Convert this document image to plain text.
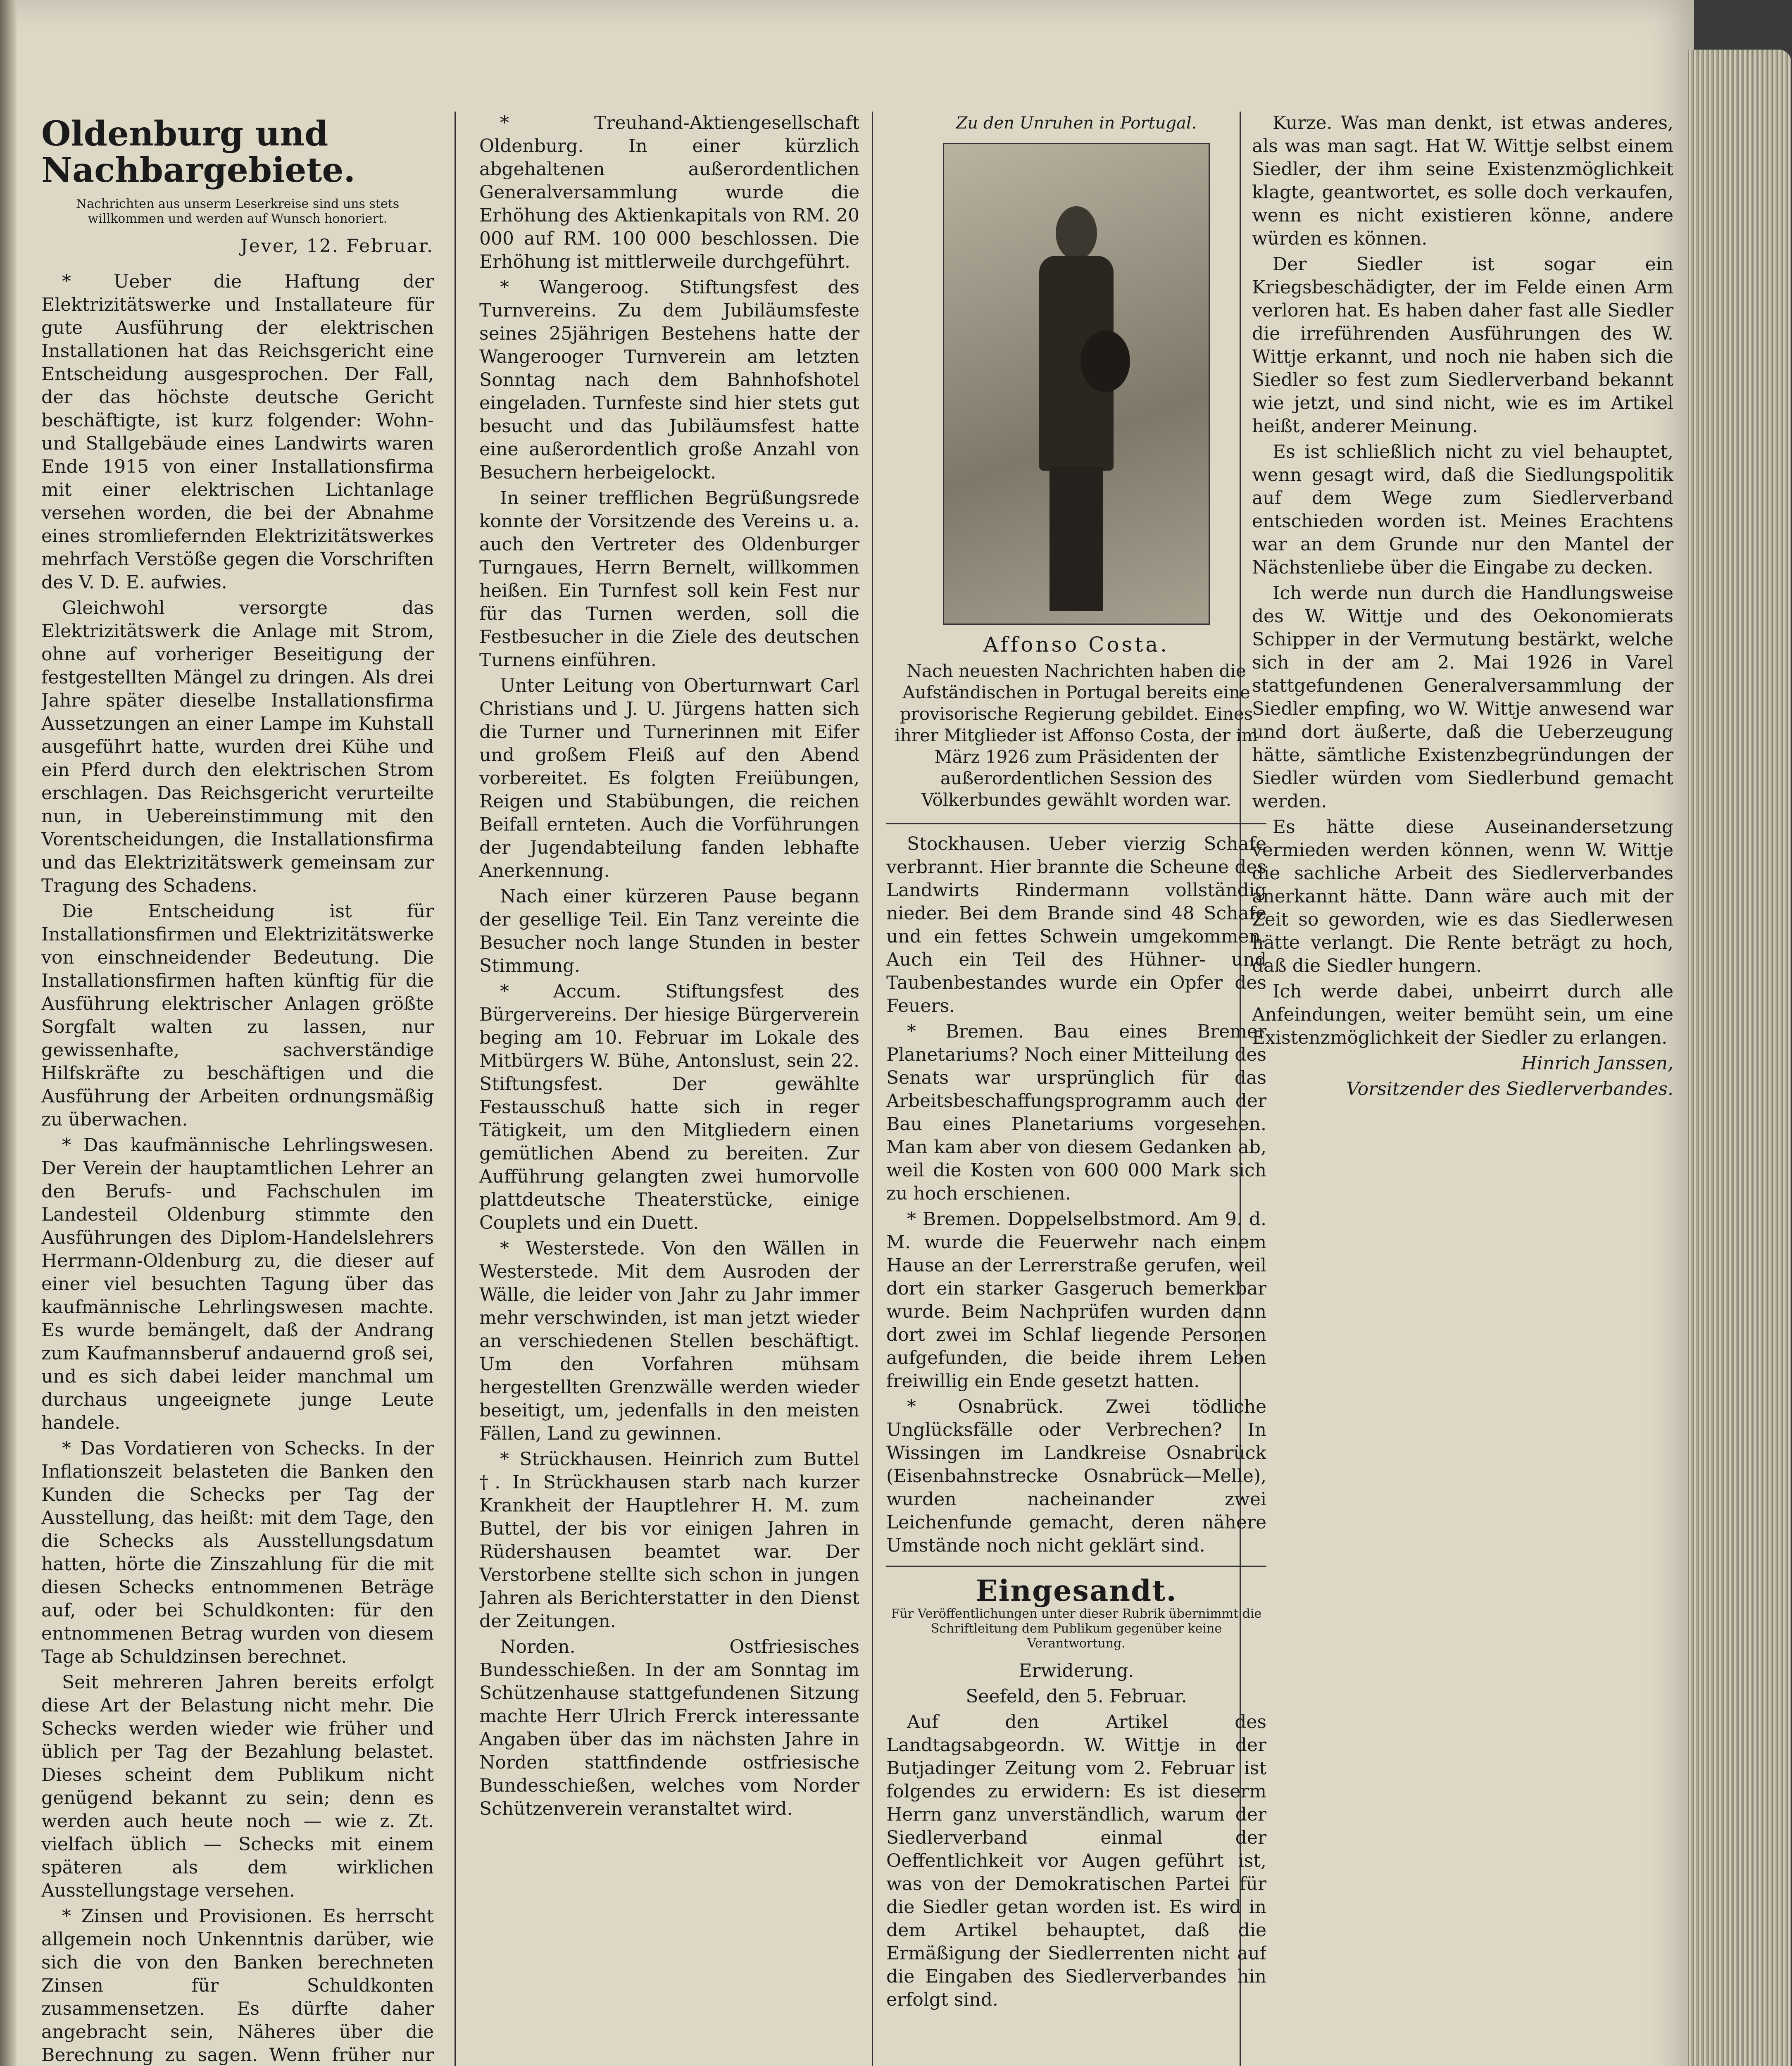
Oldenburg und Nachbargebiete.
Nachrichten aus unserm Leserkreise sind uns stets willkommen und werden auf Wunsch honoriert.
Jever, 12. Februar.

* Ueber die Haftung der Elektrizitätswerke und Installateure für gute Ausführung der elektrischen Installationen hat das Reichsgericht eine Entscheidung ausgesprochen. Der Fall, der das höchste deutsche Gericht beschäftigte, ist kurz folgender: Wohn- und Stallgebäude eines Landwirts waren Ende 1915 von einer Installationsfirma mit einer elektrischen Lichtanlage versehen worden, die bei der Abnahme eines stromliefernden Elektrizitätswerkes mehrfach Verstöße gegen die Vorschriften des V. D. E. aufwies.

Gleichwohl versorgte das Elektrizitätswerk die Anlage mit Strom, ohne auf vorheriger Beseitigung der festgestellten Mängel zu dringen. Als drei Jahre später dieselbe Installationsfirma Aussetzungen an einer Lampe im Kuhstall ausgeführt hatte, wurden drei Kühe und ein Pferd durch den elektrischen Strom erschlagen. Das Reichsgericht verurteilte nun, in Uebereinstimmung mit den Vorentscheidungen, die Installationsfirma und das Elektrizitätswerk gemeinsam zur Tragung des Schadens.

Die Entscheidung ist für Installationsfirmen und Elektrizitätswerke von einschneidender Bedeutung. Die Installationsfirmen haften künftig für die Ausführung elektrischer Anlagen größte Sorgfalt walten zu lassen, nur gewissenhafte, sachverständige Hilfskräfte zu beschäftigen und die Ausführung der Arbeiten ordnungsmäßig zu überwachen.

* Das kaufmännische Lehrlingswesen. Der Verein der hauptamtlichen Lehrer an den Berufs- und Fachschulen im Landesteil Oldenburg stimmte den Ausführungen des Diplom-Handelslehrers Herrmann-Oldenburg zu, die dieser auf einer viel besuchten Tagung über das kaufmännische Lehrlingswesen machte. Es wurde bemängelt, daß der Andrang zum Kaufmannsberuf andauernd groß sei, und es sich dabei leider manchmal um durchaus ungeeignete junge Leute handele.

* Das Vordatieren von Schecks. In der Inflationszeit belasteten die Banken den Kunden die Schecks per Tag der Ausstellung, das heißt: mit dem Tage, den die Schecks als Ausstellungsdatum hatten, hörte die Zinszahlung für die mit diesen Schecks entnommenen Beträge auf, oder bei Schuldkonten: für den entnommenen Betrag wurden von diesem Tage ab Schuldzinsen berechnet.

Seit mehreren Jahren bereits erfolgt diese Art der Belastung nicht mehr. Die Schecks werden wieder wie früher und üblich per Tag der Bezahlung belastet. Dieses scheint dem Publikum nicht genügend bekannt zu sein; denn es werden auch heute noch — wie z. Zt. vielfach üblich — Schecks mit einem späteren als dem wirklichen Ausstellungstage versehen.

* Zinsen und Provisionen. Es herrscht allgemein noch Unkenntnis darüber, wie sich die von den Banken berechneten Zinsen für Schuldkonten zusammensetzen. Es dürfte daher angebracht sein, Näheres über die Berechnung zu sagen. Wenn früher nur

* Treuhand-Aktiengesellschaft Oldenburg. In einer kürzlich abgehaltenen außerordentlichen Generalversammlung wurde die Erhöhung des Aktienkapitals von RM. 20 000 auf RM. 100 000 beschlossen. Die Erhöhung ist mittlerweile durchgeführt.

* Wangeroog. Stiftungsfest des Turnvereins. Zu dem Jubiläumsfeste seines 25jährigen Bestehens hatte der Wangerooger Turnverein am letzten Sonntag nach dem Bahnhofshotel eingeladen. Turnfeste sind hier stets gut besucht und das Jubiläumsfest hatte eine außerordentlich große Anzahl von Besuchern herbeigelockt.

In seiner trefflichen Begrüßungsrede konnte der Vorsitzende des Vereins u. a. auch den Vertreter des Oldenburger Turngaues, Herrn Bernelt, willkommen heißen. Ein Turnfest soll kein Fest nur für das Turnen werden, soll die Festbesucher in die Ziele des deutschen Turnens einführen.

Unter Leitung von Oberturnwart Carl Christians und J. U. Jürgens hatten sich die Turner und Turnerinnen mit Eifer und großem Fleiß auf den Abend vorbereitet. Es folgten Freiübungen, Reigen und Stabübungen, die reichen Beifall ernteten. Auch die Vorführungen der Jugendabteilung fanden lebhafte Anerkennung.

Nach einer kürzeren Pause begann der gesellige Teil. Ein Tanz vereinte die Besucher noch lange Stunden in bester Stimmung.

* Accum. Stiftungsfest des Bürgervereins. Der hiesige Bürgerverein beging am 10. Februar im Lokale des Mitbürgers W. Bühe, Antonslust, sein 22. Stiftungsfest. Der gewählte Festausschuß hatte sich in reger Tätigkeit, um den Mitgliedern einen gemütlichen Abend zu bereiten. Zur Aufführung gelangten zwei humorvolle plattdeutsche Theaterstücke, einige Couplets und ein Duett.

* Westerstede. Von den Wällen in Westerstede. Mit dem Ausroden der Wälle, die leider von Jahr zu Jahr immer mehr verschwinden, ist man jetzt wieder an verschiedenen Stellen beschäftigt. Um den Vorfahren mühsam hergestellten Grenzwälle werden wieder beseitigt, um, jedenfalls in den meisten Fällen, Land zu gewinnen.

* Strückhausen. Heinrich zum Buttel †. In Strückhausen starb nach kurzer Krankheit der Hauptlehrer H. M. zum Buttel, der bis vor einigen Jahren in Rüdershausen beamtet war. Der Verstorbene stellte sich schon in jungen Jahren als Berichterstatter in den Dienst der Zeitungen.

Norden. Ostfriesisches Bundesschießen. In der am Sonntag im Schützenhause stattgefundenen Sitzung machte Herr Ulrich Frerck interessante Angaben über das im nächsten Jahre in Norden stattfindende ostfriesische Bundesschießen, welches vom Norder Schützenverein veranstaltet wird.

Zu den Unruhen in Portugal.
Affonso Costa.
Nach neuesten Nachrichten haben die Aufständischen in Portugal bereits eine provisorische Regierung gebildet. Eines ihrer Mitglieder ist Affonso Costa, der im März 1926 zum Präsidenten der außerordentlichen Session des Völkerbundes gewählt worden war.

Stockhausen. Ueber vierzig Schafe verbrannt. Hier brannte die Scheune des Landwirts Rindermann vollständig nieder. Bei dem Brande sind 48 Schafe und ein fettes Schwein umgekommen. Auch ein Teil des Hühner- und Taubenbestandes wurde ein Opfer des Feuers.

* Bremen. Bau eines Bremer Planetariums? Noch einer Mitteilung des Senats war ursprünglich für das Arbeitsbeschaffungsprogramm auch der Bau eines Planetariums vorgesehen. Man kam aber von diesem Gedanken ab, weil die Kosten von 600 000 Mark sich zu hoch erschienen.

* Bremen. Doppelselbstmord. Am 9. d. M. wurde die Feuerwehr nach einem Hause an der Lerrerstraße gerufen, weil dort ein starker Gasgeruch bemerkbar wurde. Beim Nachprüfen wurden dann dort zwei im Schlaf liegende Personen aufgefunden, die beide ihrem Leben freiwillig ein Ende gesetzt hatten.

* Osnabrück. Zwei tödliche Unglücksfälle oder Verbrechen? In Wissingen im Landkreise Osnabrück (Eisenbahnstrecke Osnabrück—Melle), wurden nacheinander zwei Leichenfunde gemacht, deren nähere Umstände noch nicht geklärt sind.

Eingesandt.
Für Veröffentlichungen unter dieser Rubrik übernimmt die Schriftleitung dem Publikum gegenüber keine Verantwortung.

Erwiderung.

Seefeld, den 5. Februar.

Auf den Artikel des Landtagsabgeordn. W. Wittje in der Butjadinger Zeitung vom 2. Februar ist folgendes zu erwidern: Es ist dieserm Herrn ganz unverständlich, warum der Siedlerverband einmal der Oeffentlichkeit vor Augen geführt ist, was von der Demokratischen Partei für die Siedler getan worden ist. Es wird in dem Artikel behauptet, daß die Ermäßigung der Siedlerrenten nicht auf die Eingaben des Siedlerverbandes hin erfolgt sind.

Kurze. Was man denkt, ist etwas anderes, als was man sagt. Hat W. Wittje selbst einem Siedler, der ihm seine Existenzmöglichkeit klagte, geantwortet, es solle doch verkaufen, wenn es nicht existieren könne, andere würden es können.

Der Siedler ist sogar ein Kriegsbeschädigter, der im Felde einen Arm verloren hat. Es haben daher fast alle Siedler die irreführenden Ausführungen des W. Wittje erkannt, und noch nie haben sich die Siedler so fest zum Siedlerverband bekannt wie jetzt, und sind nicht, wie es im Artikel heißt, anderer Meinung.

Es ist schließlich nicht zu viel behauptet, wenn gesagt wird, daß die Siedlungspolitik auf dem Wege zum Siedlerverband entschieden worden ist. Meines Erachtens war an dem Grunde nur den Mantel der Nächstenliebe über die Eingabe zu decken.

Ich werde nun durch die Handlungsweise des W. Wittje und des Oekonomierats Schipper in der Vermutung bestärkt, welche sich in der am 2. Mai 1926 in Varel stattgefundenen Generalversammlung der Siedler empfing, wo W. Wittje anwesend war und dort äußerte, daß die Ueberzeugung hätte, sämtliche Existenzbegründungen der Siedler würden vom Siedlerbund gemacht werden.

Es hätte diese Auseinandersetzung vermieden werden können, wenn W. Wittje die sachliche Arbeit des Siedlerverbandes anerkannt hätte. Dann wäre auch mit der Zeit so geworden, wie es das Siedlerwesen hätte verlangt. Die Rente beträgt zu hoch, daß die Siedler hungern.

Ich werde dabei, unbeirrt durch alle Anfeindungen, weiter bemüht sein, um eine Existenzmöglichkeit der Siedler zu erlangen.

Hinrich Janssen,

Vorsitzender des Siedlerverbandes.
